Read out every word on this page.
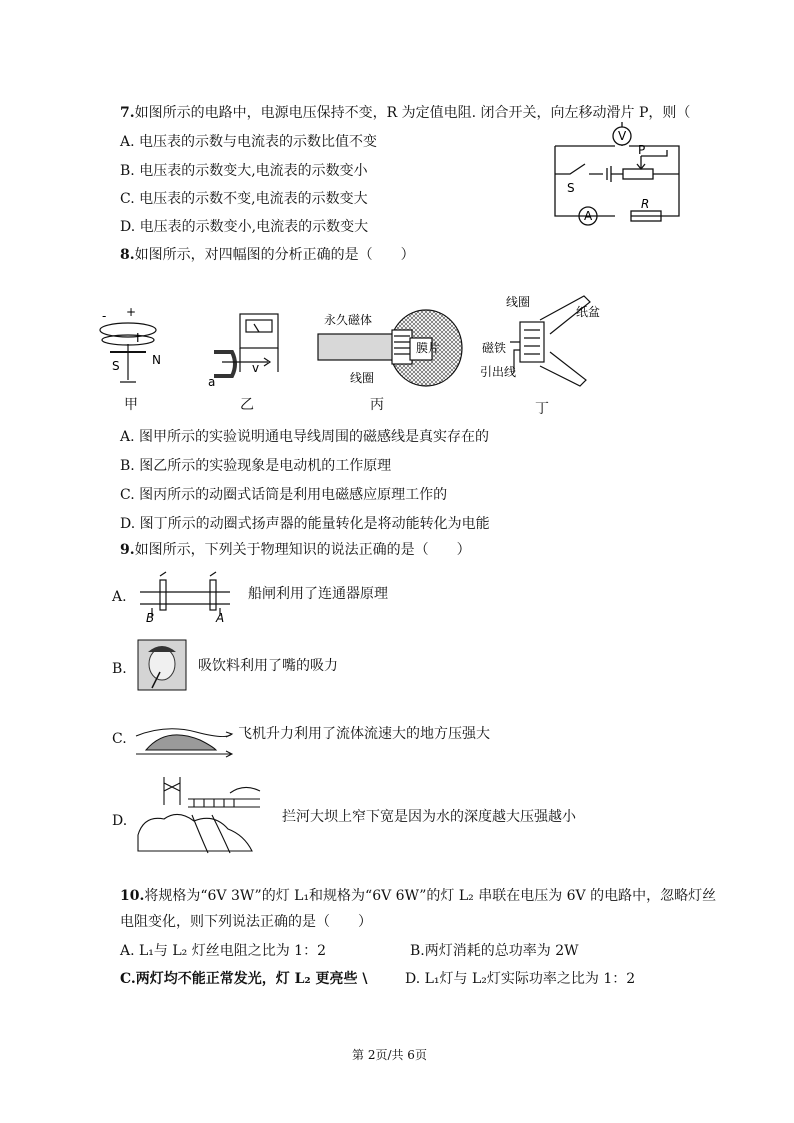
7.如图所示的电路中，电源电压保持不变，R 为定值电阻. 闭合开关，向左移动滑片 P，则（
A. 电压表的示数与电流表的示数比值不变
B. 电压表的示数变大,电流表的示数变小
C. 电压表的示数不变,电流表的示数变大
D. 电压表的示数变小,电流表的示数变大
V
A
S
P
R
8.如图所示，对四幅图的分析正确的是（　　）
- +
I
S	N
甲
a
v
乙
永久磁体
膜片
线圈
丙
线圈
纸盆
磁铁
引出线
丁
A. 图甲所示的实验说明通电导线周围的磁感线是真实存在的
B. 图乙所示的实验现象是电动机的工作原理
C. 图丙所示的动圈式话筒是利用电磁感应原理工作的
D. 图丁所示的动圈式扬声器的能量转化是将动能转化为电能
9.如图所示，下列关于物理知识的说法正确的是（　　）
A.
B	A
船闸利用了连通器原理
B.	吸饮料利用了嘴的吸力
C.	飞机升力利用了流体流速大的地方压强大
D.	拦河大坝上窄下宽是因为水的深度越大压强越小
10.将规格为“6V 3W”的灯 L₁和规格为“6V 6W”的灯 L₂ 串联在电压为 6V 的电路中，忽略灯丝
电阻变化，则下列说法正确的是（　　）
A. L₁与 L₂ 灯丝电阻之比为 1：2	B.两灯消耗的总功率为 2W
C.两灯均不能正常发光，灯 L₂ 更亮些 \	D. L₁灯与 L₂灯实际功率之比为 1：2
第 2页/共 6页
